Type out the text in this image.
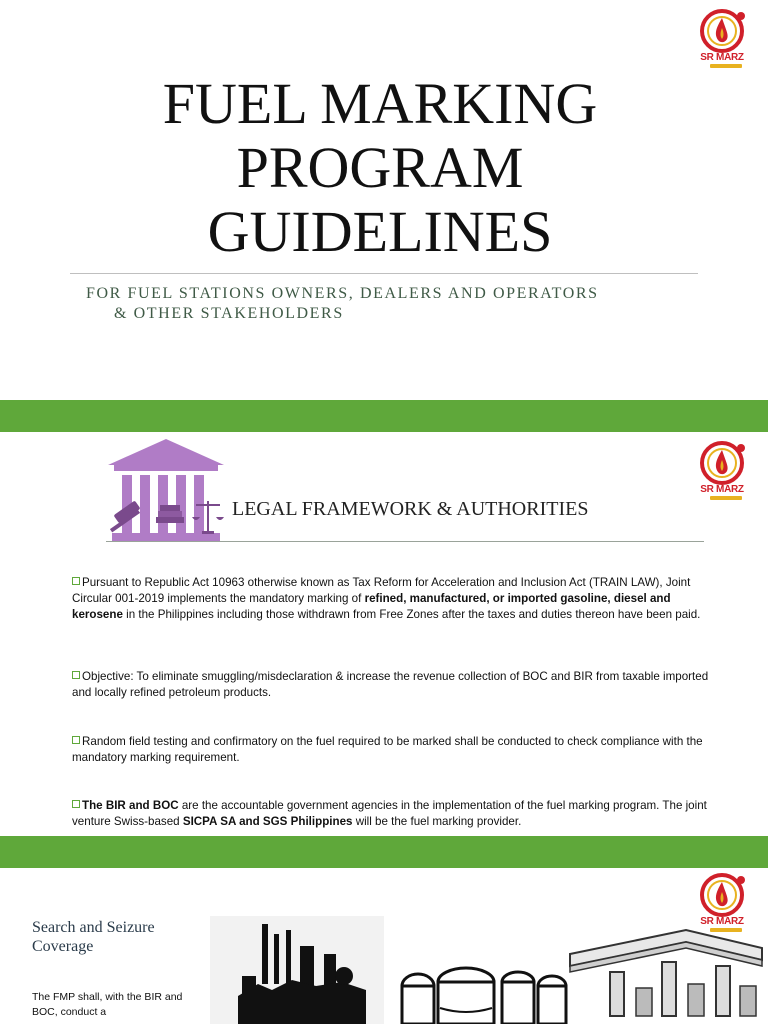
SR MARZ
FUEL MARKING
PROGRAM
GUIDELINES
FOR FUEL STATIONS OWNERS, DEALERS AND OPERATORS
& OTHER STAKEHOLDERS
SR MARZ
LEGAL FRAMEWORK & AUTHORITIES
Pursuant to Republic Act 10963 otherwise known as Tax Reform for Acceleration and Inclusion Act (TRAIN LAW), Joint Circular 001-2019 implements the mandatory marking of refined, manufactured, or imported gasoline, diesel and kerosene in the Philippines including those withdrawn from Free Zones after the taxes and duties thereon have been paid.
Objective: To eliminate smuggling/misdeclaration & increase the revenue collection of BOC and BIR from taxable imported and locally refined petroleum products.
Random field testing and confirmatory on the fuel required to be marked shall be conducted to check compliance with the mandatory marking requirement.
The BIR and BOC are the accountable government agencies in the implementation of the fuel marking program. The joint venture Swiss-based SICPA SA and SGS Philippines will be the fuel marking provider.
Search and Seizure Coverage
The FMP shall, with the BIR and BOC, conduct a
SR MARZ
